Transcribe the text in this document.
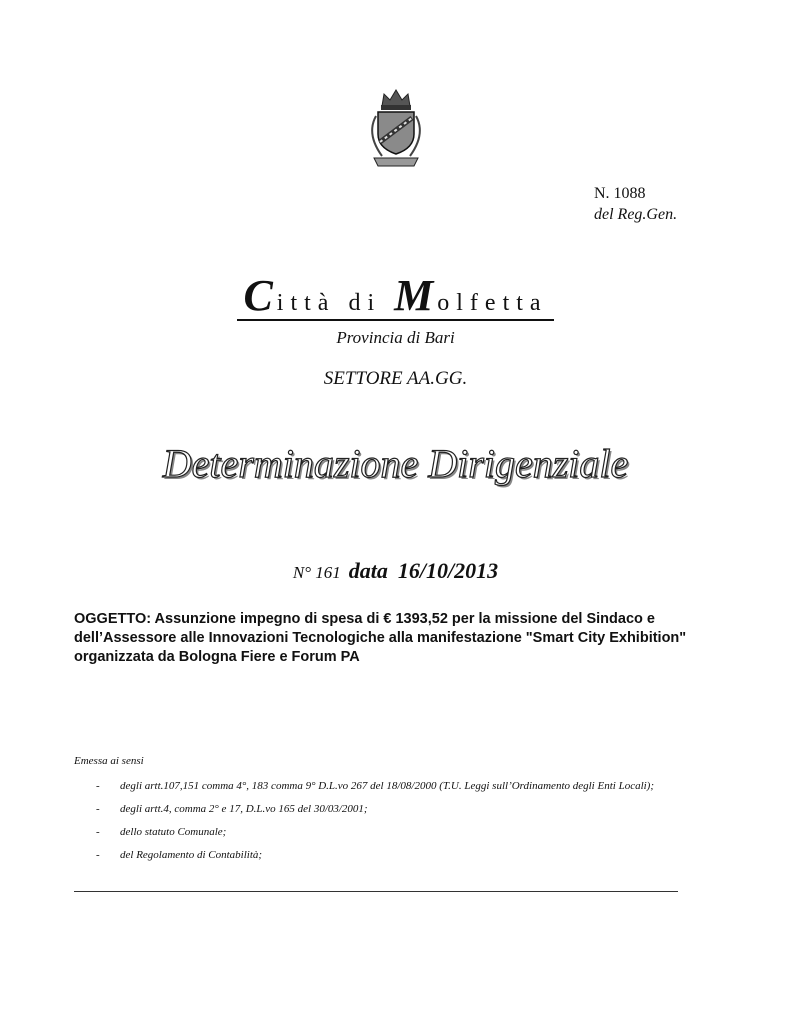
N. 1088
del Reg.Gen.
Città di Molfetta
Provincia di Bari
SETTORE AA.GG.
Determinazione Dirigenziale
N° 161 data 16/10/2013
OGGETTO: Assunzione impegno di spesa di € 1393,52 per la missione del Sindaco e dell’Assessore alle Innovazioni Tecnologiche alla manifestazione "Smart City Exhibition" organizzata da Bologna Fiere e Forum PA
Emessa ai sensi
- degli artt.107,151 comma 4°, 183 comma 9° D.L.vo 267 del 18/08/2000 (T.U. Leggi sull’Ordinamento degli Enti Locali);
- degli artt.4, comma 2° e 17, D.L.vo 165 del 30/03/2001;
- dello statuto Comunale;
- del Regolamento di Contabilità;
